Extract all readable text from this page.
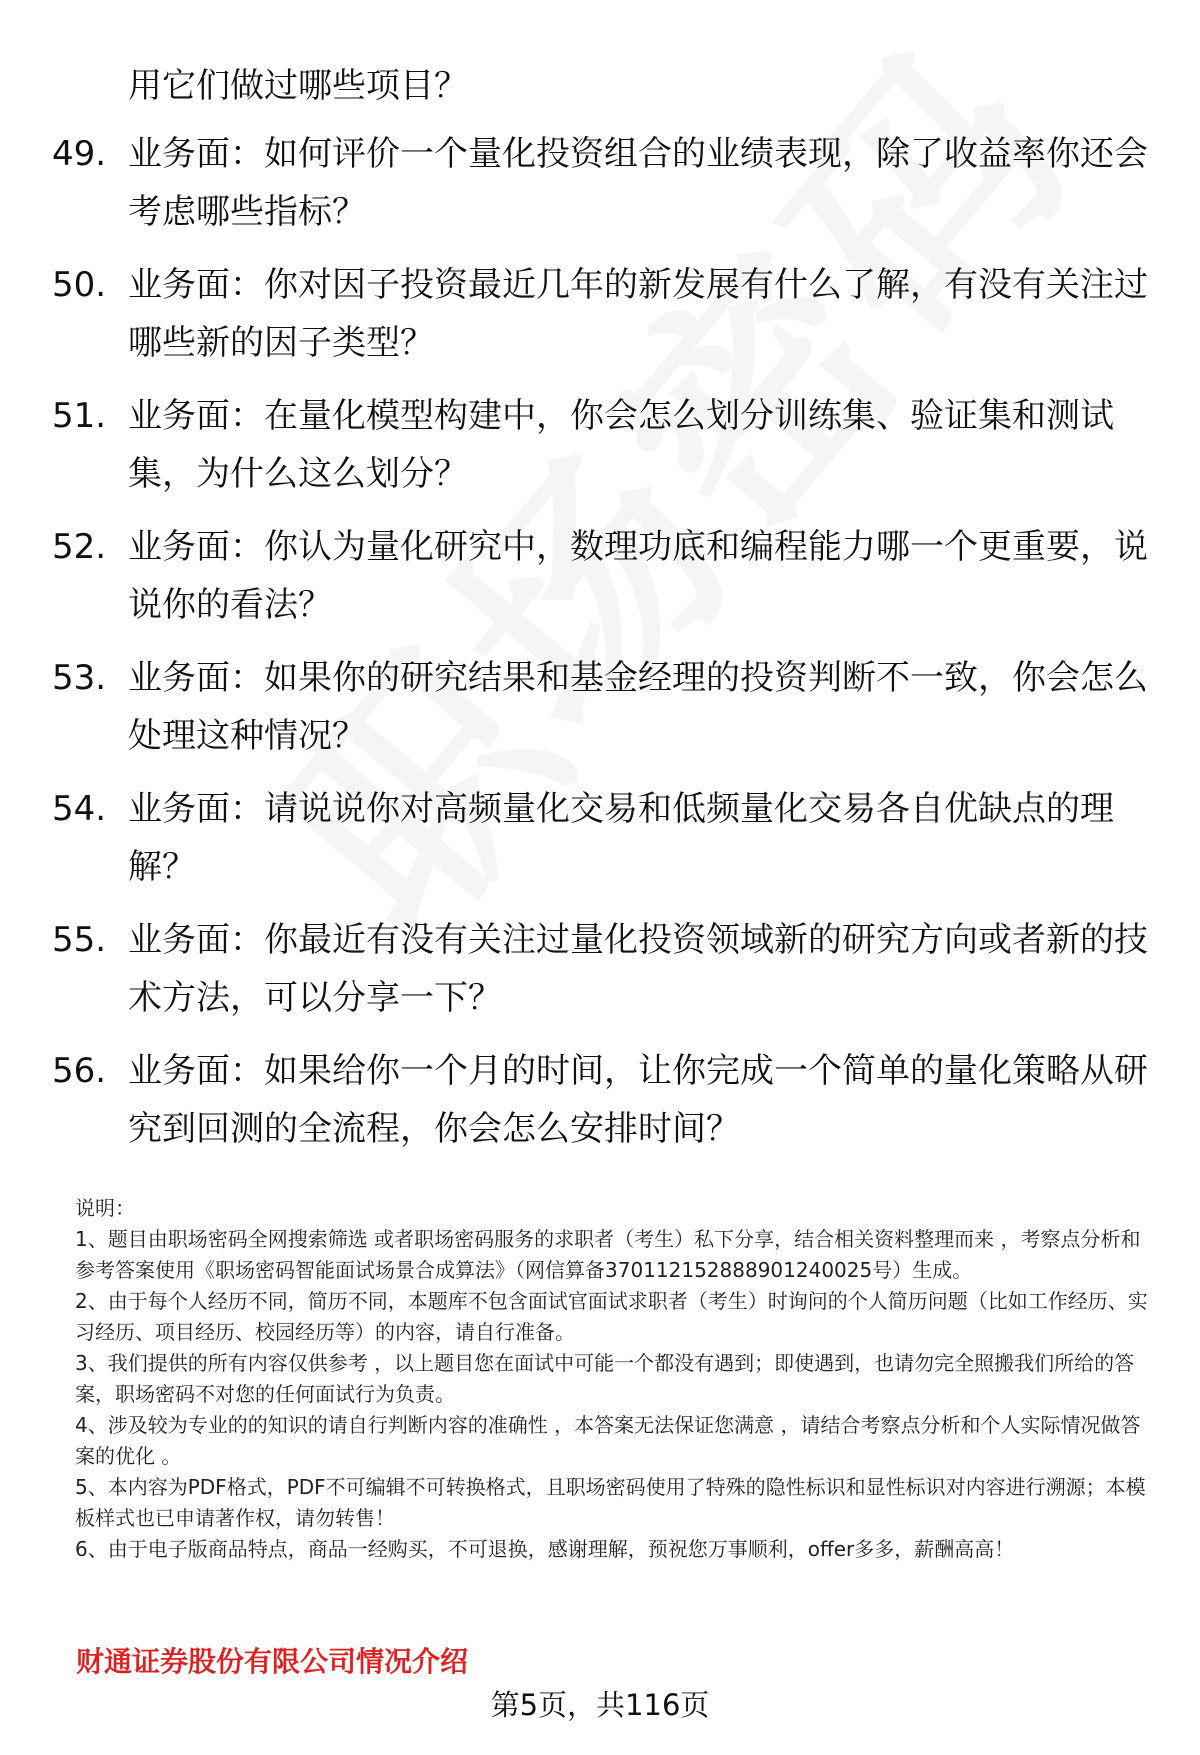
用它们做过哪些项目？
49. 业务面：如何评价一个量化投资组合的业绩表现，除了收益率你还会考虑哪些指标？
50. 业务面：你对因子投资最近几年的新发展有什么了解，有没有关注过哪些新的因子类型？
51. 业务面：在量化模型构建中，你会怎么划分训练集、验证集和测试集，为什么这么划分？
52. 业务面：你认为量化研究中，数理功底和编程能力哪一个更重要，说说你的看法？
53. 业务面：如果你的研究结果和基金经理的投资判断不一致，你会怎么处理这种情况？
54. 业务面：请说说你对高频量化交易和低频量化交易各自优缺点的理解？
55. 业务面：你最近有没有关注过量化投资领域新的研究方向或者新的技术方法，可以分享一下？
56. 业务面：如果给你一个月的时间，让你完成一个简单的量化策略从研究到回测的全流程，你会怎么安排时间？

说明：

1、题目由职场密码全网搜索筛选 或者职场密码服务的求职者（考生）私下分享，结合相关资料整理而来 ，考察点分析和参考答案使用《职场密码智能面试场景合成算法》（网信算备370112152888901240025号）生成。

2、由于每个人经历不同，简历不同，本题库不包含面试官面试求职者（考生）时询问的个人简历问题（比如工作经历、实习经历、项目经历、校园经历等）的内容，请自行准备。

3、我们提供的所有内容仅供参考 ，以上题目您在面试中可能一个都没有遇到；即使遇到，也请勿完全照搬我们所给的答案，职场密码不对您的任何面试行为负责。

4、涉及较为专业的的知识的请自行判断内容的准确性 ，本答案无法保证您满意 ，请结合考察点分析和个人实际情况做答案的优化 。

5、本内容为PDF格式，PDF不可编辑不可转换格式，且职场密码使用了特殊的隐性标识和显性标识对内容进行溯源；本模板样式也已申请著作权，请勿转售！

6、由于电子版商品特点，商品一经购买，不可退换，感谢理解，预祝您万事顺利，offer多多，薪酬高高！

财通证券股份有限公司情况介绍
第5页，共116页
